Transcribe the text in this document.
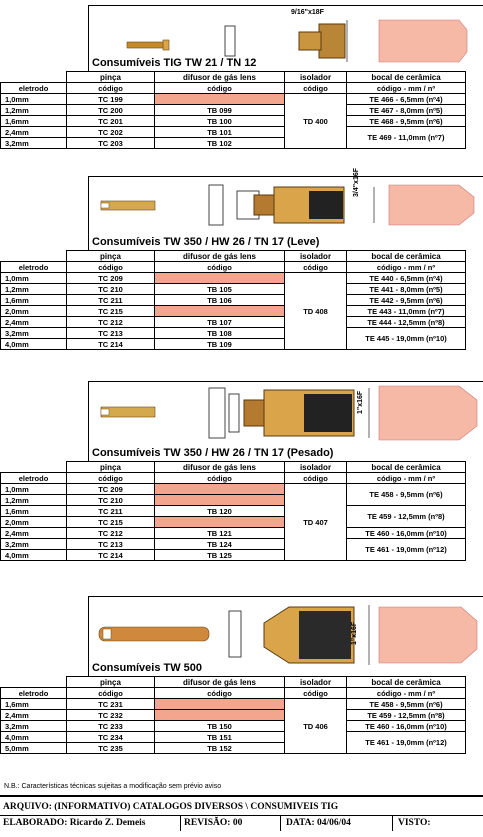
9/16"x18F
Consumíveis TIG TW 21 / TN 12
	pinça	difusor de gás lens	isolador	bocal de cerâmica
eletrodo	código	código	código	código - mm / nº
1,0mm	TC 199		TD 400	TE 466 - 6,5mm (nº4)

1,2mm	TC 200	TB 099		TE 467 - 8,0mm (nº5)

1,6mm	TC 201	TB 100		TE 468 - 9,5mm (nº6)

2,4mm	TC 202	TB 101		TE 469 - 11,0mm (nº7)

3,2mm	TC 203	TB 102		
3/4"x16F
Consumíveis TW 350 / HW 26 / TN 17 (Leve)
	pinça	difusor de gás lens	isolador	bocal de cerâmica
eletrodo	código	código	código	código - mm / nº
1,0mm	TC 209		TD 408	TE 440 - 6,5mm (nº4)
1,2mm	TC 210	TB 105		TE 441 - 8,0mm (nº5)
1,6mm	TC 211	TB 106		TE 442 - 9,5mm (nº6)
2,0mm	TC 215			TE 443 - 11,0mm (nº7)
2,4mm	TC 212	TB 107		TE 444 - 12,5mm (nº8)
3,2mm	TC 213	TB 108		TE 445 - 19,0mm (nº10)
4,0mm	TC 214	TB 109		
1"x16F
Consumíveis TW 350 / HW 26 / TN 17 (Pesado)
	pinça	difusor de gás lens	isolador	bocal de cerâmica
eletrodo	código	código	código	código - mm / nº
1,0mm	TC 209		TD 407	TE 458 - 9,5mm (nº6)
1,2mm	TC 210			
1,6mm	TC 211	TB 120		TE 459 - 12,5mm (nº8)
2,0mm	TC 215			
2,4mm	TC 212	TB 121		TE 460 - 16,0mm (nº10)
3,2mm	TC 213	TB 124		TE 461 - 19,0mm (nº12)
4,0mm	TC 214	TB 125		
1"x16F
Consumíveis TW 500
	pinça	difusor de gás lens	isolador	bocal de cerâmica
eletrodo	código	código	código	código - mm / nº
1,6mm	TC 231		TD 406	TE 458 - 9,5mm (nº6)
2,4mm	TC 232			TE 459 - 12,5mm (nº8)
3,2mm	TC 233	TB 150		TE 460 - 16,0mm (nº10)
4,0mm	TC 234	TB 151		TE 461 - 19,0mm (nº12)
5,0mm	TC 235	TB 152		
N.B.: Características técnicas sujeitas a modificação sem prévio aviso
ARQUIVO: (INFORMATIVO) CATALOGOS DIVERSOS \ CONSUMIVEIS TIG
ELABORADO: Ricardo Z. Demeis	REVISÃO: 00	DATA: 04/06/04	VISTO:
